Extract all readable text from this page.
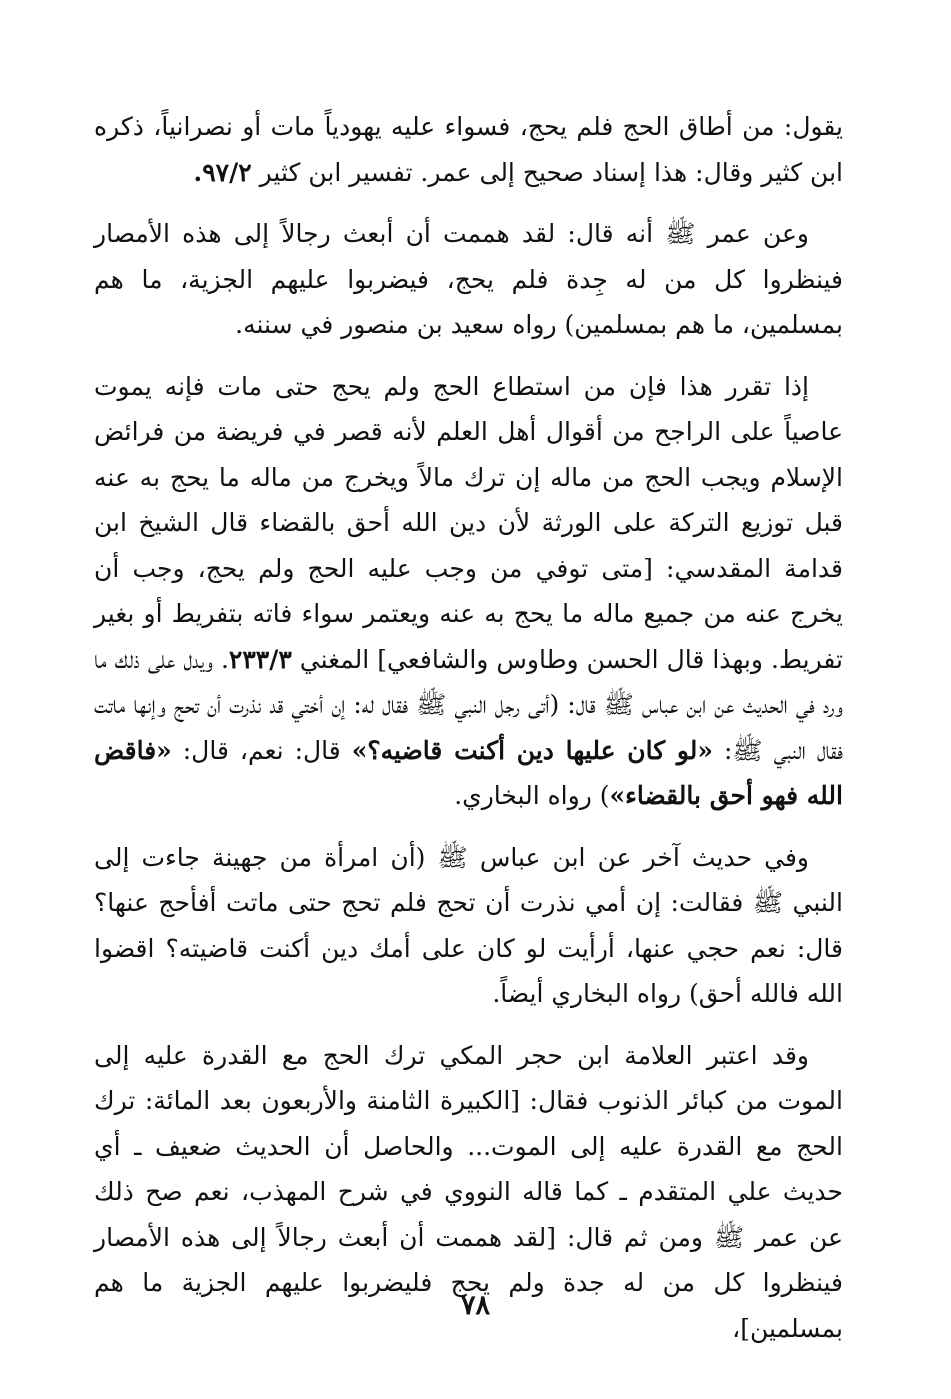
يقول: من أطاق الحج فلم يحج، فسواء عليه يهودياً مات أو نصرانياً، ذكره ابن كثير وقال: هذا إسناد صحيح إلى عمر. تفسير ابن كثير ٩٧/٢.

وعن عمر ﷺ أنه قال: لقد هممت أن أبعث رجالاً إلى هذه الأمصار فينظروا كل من له جِدة فلم يحج، فيضربوا عليهم الجزية، ما هم بمسلمين، ما هم بمسلمين) رواه سعيد بن منصور في سننه.

إذا تقرر هذا فإن من استطاع الحج ولم يحج حتى مات فإنه يموت عاصياً على الراجح من أقوال أهل العلم لأنه قصر في فريضة من فرائض الإسلام ويجب الحج من ماله إن ترك مالاً ويخرج من ماله ما يحج به عنه قبل توزيع التركة على الورثة لأن دين الله أحق بالقضاء قال الشيخ ابن قدامة المقدسي: [متى توفي من وجب عليه الحج ولم يحج، وجب أن يخرج عنه من جميع ماله ما يحج به عنه ويعتمر سواء فاته بتفريط أو بغير تفريط. وبهذا قال الحسن وطاوس والشافعي] المغني ٢٣٣/٣. ويدل على ذلك ما ورد في الحديث عن ابن عباس ﷺ قال: (أتى رجل النبي ﷺ فقال له: إن أختي قد نذرت أن تحج وإنها ماتت فقال النبي ﷺ: «لو كان عليها دين أكنت قاضيه؟» قال: نعم، قال: «فاقض الله فهو أحق بالقضاء») رواه البخاري.

وفي حديث آخر عن ابن عباس ﷺ (أن امرأة من جهينة جاءت إلى النبي ﷺ فقالت: إن أمي نذرت أن تحج فلم تحج حتى ماتت أفأحج عنها؟ قال: نعم حجي عنها، أرأيت لو كان على أمك دين أكنت قاضيته؟ اقضوا الله فالله أحق) رواه البخاري أيضاً.

وقد اعتبر العلامة ابن حجر المكي ترك الحج مع القدرة عليه إلى الموت من كبائر الذنوب فقال: [الكبيرة الثامنة والأربعون بعد المائة: ترك الحج مع القدرة عليه إلى الموت... والحاصل أن الحديث ضعيف ـ أي حديث علي المتقدم ـ كما قاله النووي في شرح المهذب، نعم صح ذلك عن عمر ﷺ ومن ثم قال: [لقد هممت أن أبعث رجالاً إلى هذه الأمصار فينظروا كل من له جدة ولم يحج فليضربوا عليهم الجزية ما هم بمسلمين]،

٧٨
